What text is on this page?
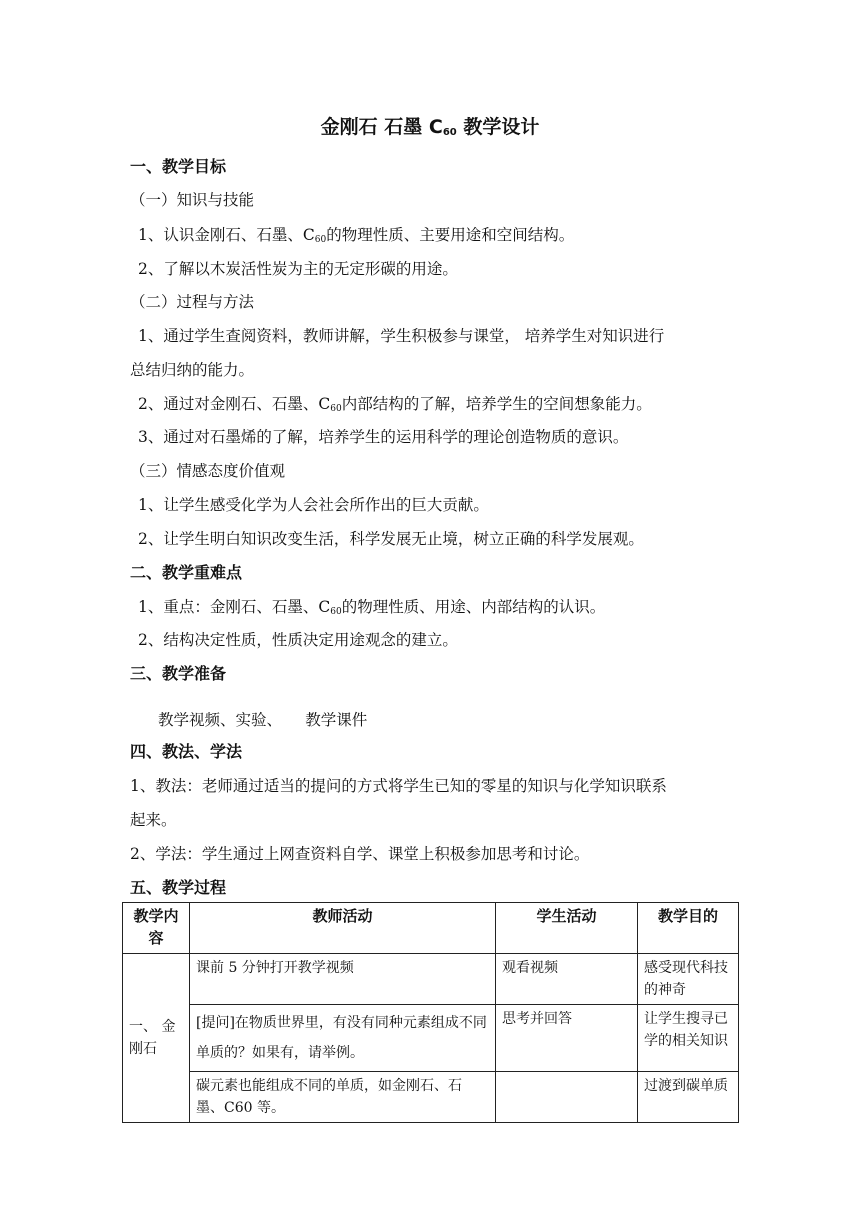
金刚石 石墨 $C_{60}$ 教学设计
一、教学目标
（一）知识与技能
1、认识金刚石、石墨、$C_{60}$的物理性质、主要用途和空间结构。
2、了解以木炭活性炭为主的无定形碳的用途。
（二）过程与方法
1、通过学生查阅资料，教师讲解，学生积极参与课堂， 培养学生对知识进行
总结归纳的能力。
2、通过对金刚石、石墨、$C_{60}$内部结构的了解，培养学生的空间想象能力。
3、通过对石墨烯的了解，培养学生的运用科学的理论创造物质的意识。
（三）情感态度价值观
1、让学生感受化学为人会社会所作出的巨大贡献。
2、让学生明白知识改变生活，科学发展无止境，树立正确的科学发展观。
二、教学重难点
1、重点：金刚石、石墨、$C_{60}$的物理性质、用途、内部结构的认识。
2、结构决定性质，性质决定用途观念的建立。
三、教学准备
教学视频、实验、　　教学课件
四、教法、学法
1、教法：老师通过适当的提问的方式将学生已知的零星的知识与化学知识联系
起来。
2、学法：学生通过上网查资料自学、课堂上积极参加思考和讨论。
五、教学过程
教学内容	教师活动	学生活动	教学目的
一、 金刚石	课前 5 分钟打开教学视频	观看视频	感受现代科技的神奇
	[提问]在物质世界里，有没有同种元素组成不同单质的？如果有，请举例。	思考并回答	让学生搜寻已学的相关知识
	碳元素也能组成不同的单质，如金刚石、石墨、C60 等。		过渡到碳单质
